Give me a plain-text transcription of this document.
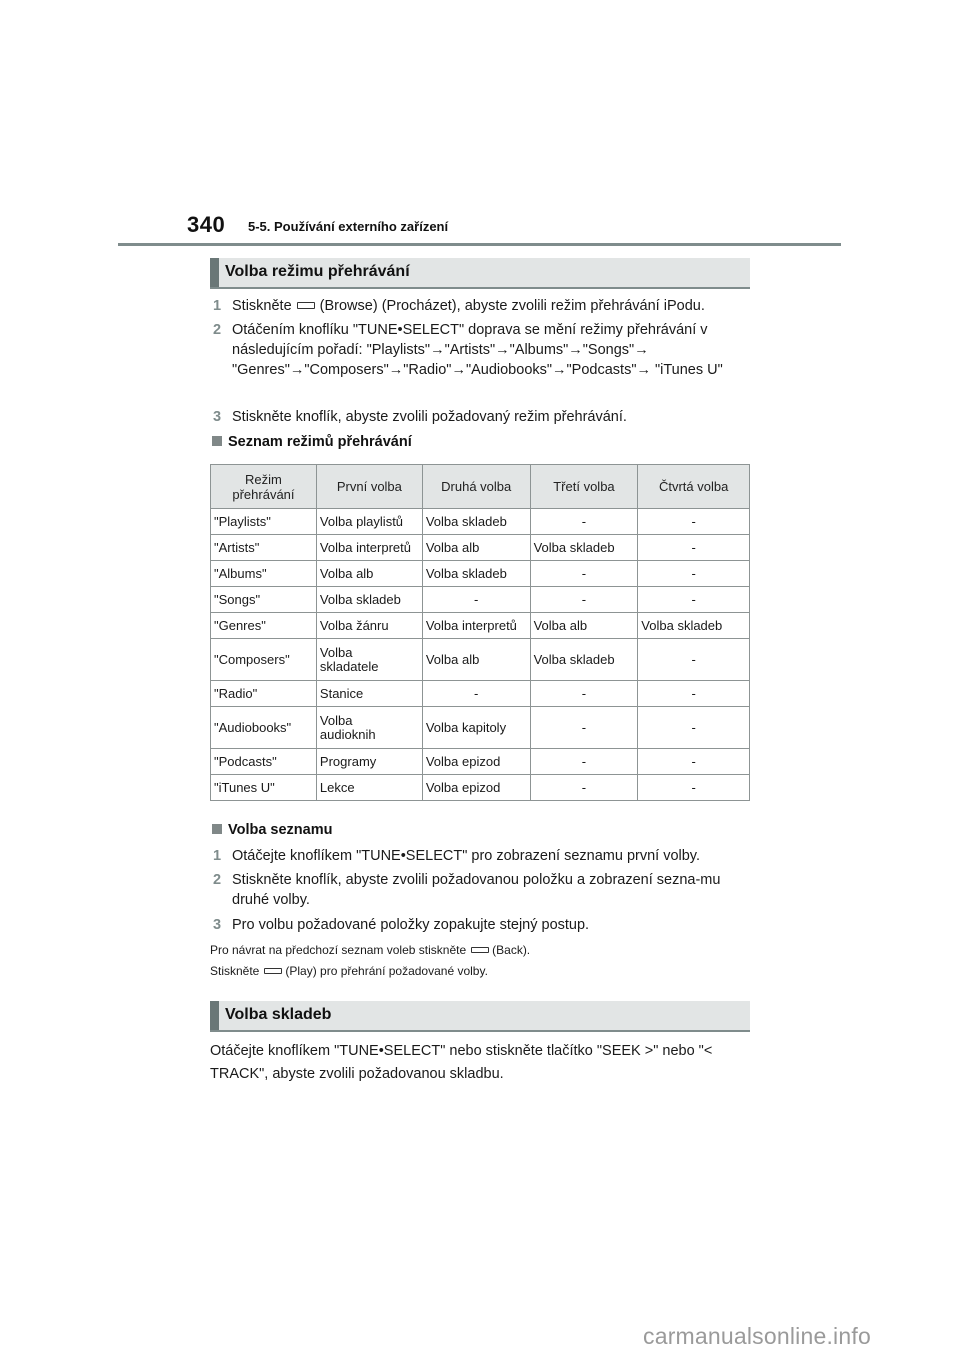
340 5-5. Používání externího zařízení
Volba režimu přehrávání
1 Stiskněte (Browse) (Procházet), abyste zvolili režim přehrávání iPodu.
2 Otáčením knoflíku "TUNE•SELECT" doprava se mění režimy přehrávání v následujícím pořadí: "Playlists"→"Artists"→"Albums"→"Songs"→ "Genres"→"Composers"→"Radio"→"Audiobooks"→"Podcasts"→ "iTunes U"
3 Stiskněte knoflík, abyste zvolili požadovaný režim přehrávání.
Seznam režimů přehrávání
Režim přehrávání	První volba	Druhá volba	Třetí volba	Čtvrtá volba
"Playlists"	Volba playlistů	Volba skladeb	-	-
"Artists"	Volba interpretů	Volba alb	Volba skladeb	-
"Albums"	Volba alb	Volba skladeb	-	-
"Songs"	Volba skladeb	-	-	-
"Genres"	Volba žánru	Volba interpretů	Volba alb	Volba skladeb
"Composers"	Volba skladatele	Volba alb	Volba skladeb	-
"Radio"	Stanice	-	-	-
"Audiobooks"	Volba audioknih	Volba kapitoly	-	-
"Podcasts"	Programy	Volba epizod	-	-
"iTunes U"	Lekce	Volba epizod	-	-
Volba seznamu
1 Otáčejte knoflíkem "TUNE•SELECT" pro zobrazení seznamu první volby.
2 Stiskněte knoflík, abyste zvolili požadovanou položku a zobrazení sezna-mu druhé volby.
3 Pro volbu požadované položky zopakujte stejný postup.
Pro návrat na předchozí seznam voleb stiskněte (Back).
Stiskněte (Play) pro přehrání požadované volby.
Volba skladeb
Otáčejte knoflíkem "TUNE•SELECT" nebo stiskněte tlačítko "SEEK >" nebo "< TRACK", abyste zvolili požadovanou skladbu.
carmanualsonline.info
